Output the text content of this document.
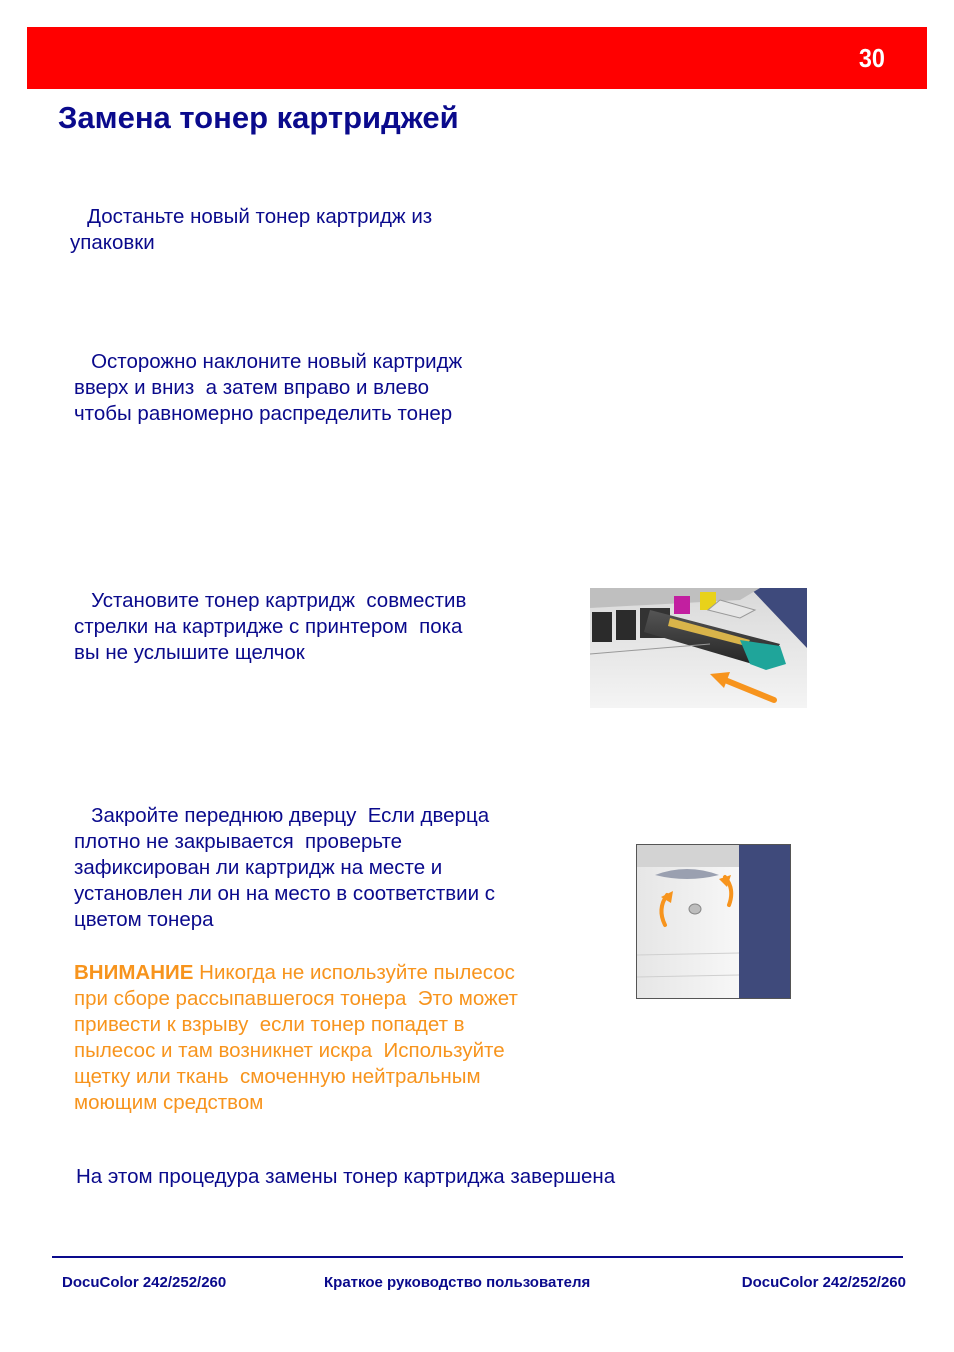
30
Замена тонер картриджей

Достаньте новый тонер картридж из
упаковки

Осторожно наклоните новый картридж
вверх и вниз  а затем вправо и влево
чтобы равномерно распределить тонер

Установите тонер картридж  совместив
стрелки на картридже с принтером  пока
вы не услышите щелчок

Закройте переднюю дверцу  Если дверца
плотно не закрывается  проверьте
зафиксирован ли картридж на месте и
установлен ли он на место в соответствии с
цветом тонера

ВНИМАНИЕ Никогда не используйте пылесос
при сборе рассыпавшегося тонера  Это может
привести к взрыву  если тонер попадет в
пылесос и там возникнет искра  Используйте
щетку или ткань  смоченную нейтральным
моющим средством

На этом процедура замены тонер картриджа завершена

DocuColor 242/252/260	Краткое руководство пользователя	DocuColor 242/252/260
